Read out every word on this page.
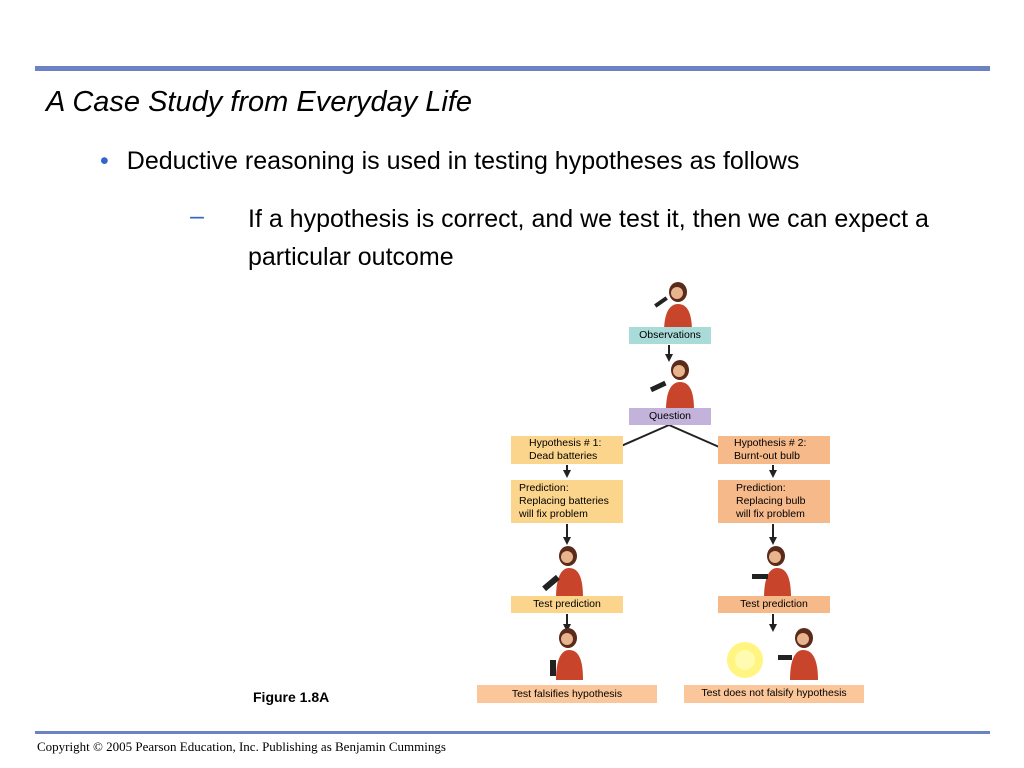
A Case Study from Everyday Life
• Deductive reasoning is used in testing hypotheses as follows
– If a hypothesis is correct, and we test it, then we can expect a particular outcome
Observations
Question
Hypothesis # 1:
Dead batteries
Hypothesis # 2:
Burnt-out bulb
Prediction:
Replacing batteries
will fix problem
Prediction:
Replacing bulb
will fix problem
Test prediction	Test prediction
Test falsifies hypothesis	Test does not falsify hypothesis
Figure 1.8A
Copyright © 2005 Pearson Education, Inc. Publishing as Benjamin Cummings
